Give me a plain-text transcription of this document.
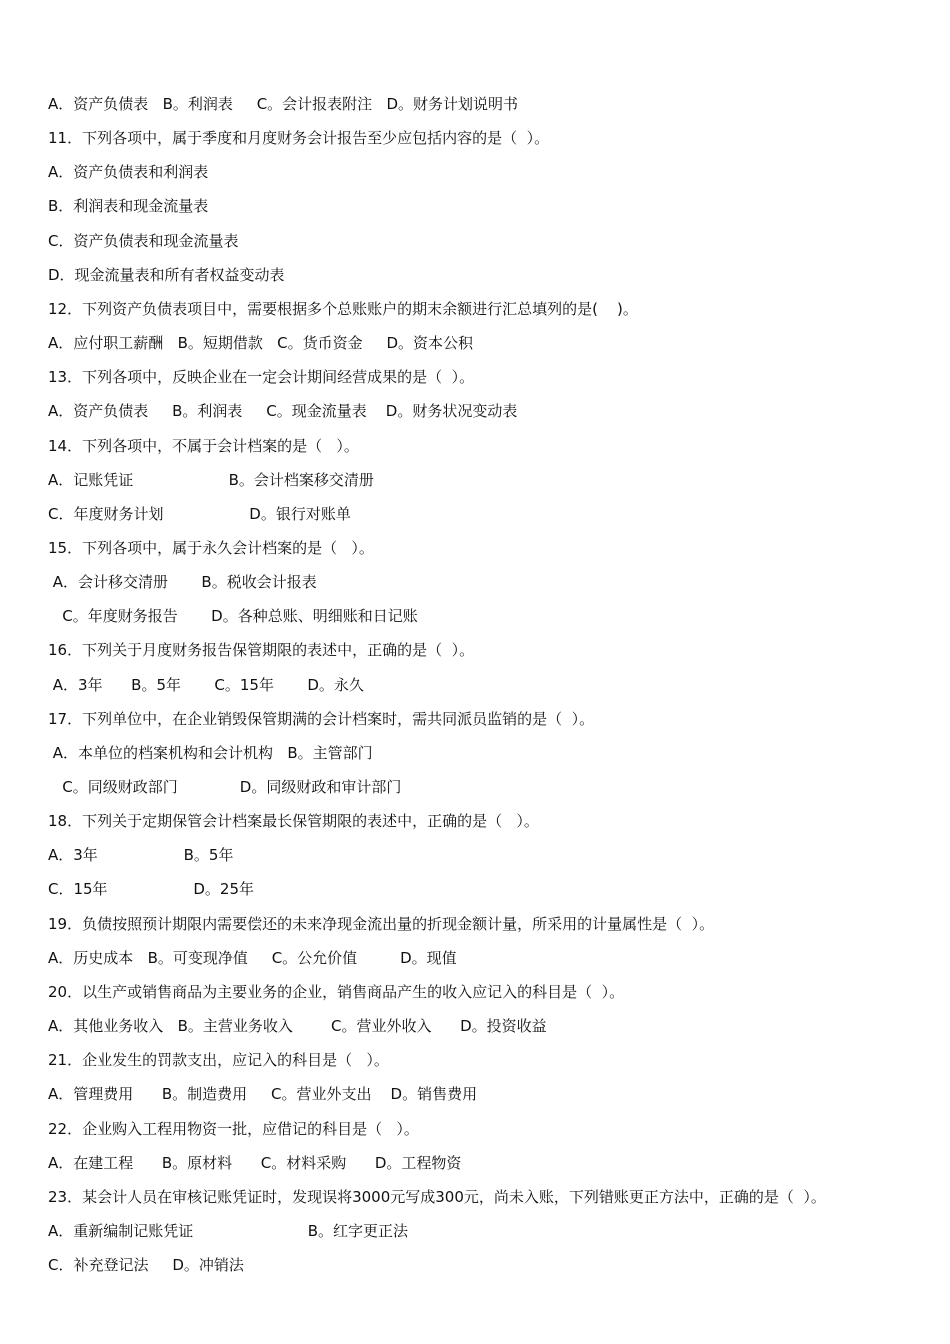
A．资产负债表   B。利润表     C。会计报表附注   D。财务计划说明书
11．下列各项中，属于季度和月度财务会计报告至少应包括内容的是（  ）。
A．资产负债表和利润表
B．利润表和现金流量表
C．资产负债表和现金流量表
D．现金流量表和所有者权益变动表
12．下列资产负债表项目中，需要根据多个总账账户的期末余额进行汇总填列的是(    )。
A．应付职工薪酬   B。短期借款   C。货币资金     D。资本公积
13．下列各项中，反映企业在一定会计期间经营成果的是（  ）。
A．资产负债表     B。利润表     C。现金流量表    D。财务状况变动表
14．下列各项中，不属于会计档案的是（   ）。
A．记账凭证                    B。会计档案移交清册
C．年度财务计划                  D。银行对账单
15．下列各项中，属于永久会计档案的是（   ）。
A．会计移交清册       B。税收会计报表
C。年度财务报告       D。各种总账、明细账和日记账
16．下列关于月度财务报告保管期限的表述中，正确的是（  ）。
A．3年      B。5年       C。15年       D。永久
17．下列单位中，在企业销毁保管期满的会计档案时，需共同派员监销的是（  ）。
A．本单位的档案机构和会计机构   B。主管部门
C。同级财政部门             D。同级财政和审计部门
18．下列关于定期保管会计档案最长保管期限的表述中，正确的是（   ）。
A．3年                  B。5年
C．15年                  D。25年
19．负债按照预计期限内需要偿还的未来净现金流出量的折现金额计量，所采用的计量属性是（  ）。
A．历史成本   B。可变现净值     C。公允价值         D。现值
20．以生产或销售商品为主要业务的企业，销售商品产生的收入应记入的科目是（  ）。
A．其他业务收入   B。主营业务收入        C。营业外收入      D。投资收益
21．企业发生的罚款支出，应记入的科目是（   ）。
A．管理费用      B。制造费用     C。营业外支出    D。销售费用
22．企业购入工程用物资一批，应借记的科目是（   ）。
A．在建工程      B。原材料      C。材料采购      D。工程物资
23．某会计人员在审核记账凭证时，发现误将3000元写成300元，尚未入账，下列错账更正方法中，正确的是（  ）。
A．重新编制记账凭证                        B。红字更正法
C．补充登记法     D。冲销法
